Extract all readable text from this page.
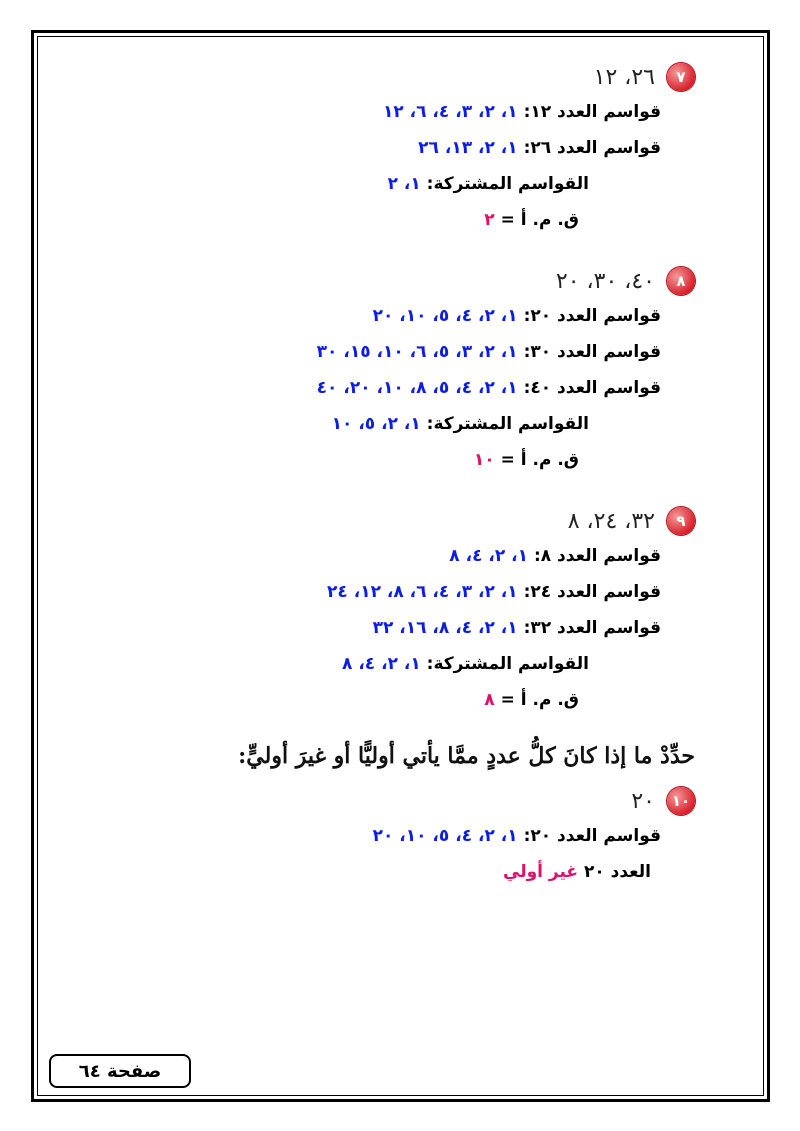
٧
٢٦، ١٢
قواسم العدد ١٢: ١، ٢، ٣، ٤، ٦، ١٢
قواسم العدد ٢٦: ١، ٢، ١٣، ٢٦
القواسم المشتركة: ١، ٢
ق. م. أ = ٢
٨
٤٠، ٣٠، ٢٠
قواسم العدد ٢٠: ١، ٢، ٤، ٥، ١٠، ٢٠
قواسم العدد ٣٠: ١، ٢، ٣، ٥، ٦، ١٠، ١٥، ٣٠
قواسم العدد ٤٠: ١، ٢، ٤، ٥، ٨، ١٠، ٢٠، ٤٠
القواسم المشتركة: ١، ٢، ٥، ١٠
ق. م. أ = ١٠
٩
٣٢، ٢٤، ٨
قواسم العدد ٨: ١، ٢، ٤، ٨
قواسم العدد ٢٤: ١، ٢، ٣، ٤، ٦، ٨، ١٢، ٢٤
قواسم العدد ٣٢: ١، ٢، ٤، ٨، ١٦، ٣٢
القواسم المشتركة: ١، ٢، ٤، ٨
ق. م. أ = ٨
حدِّدْ ما إذا كانَ كلُّ عددٍ ممَّا يأتي أوليًّا أو غيرَ أوليٍّ:
١٠
٢٠
قواسم العدد ٢٠: ١، ٢، ٤، ٥، ١٠، ٢٠
العدد ٢٠ غير أولي
صفحة ٦٤
